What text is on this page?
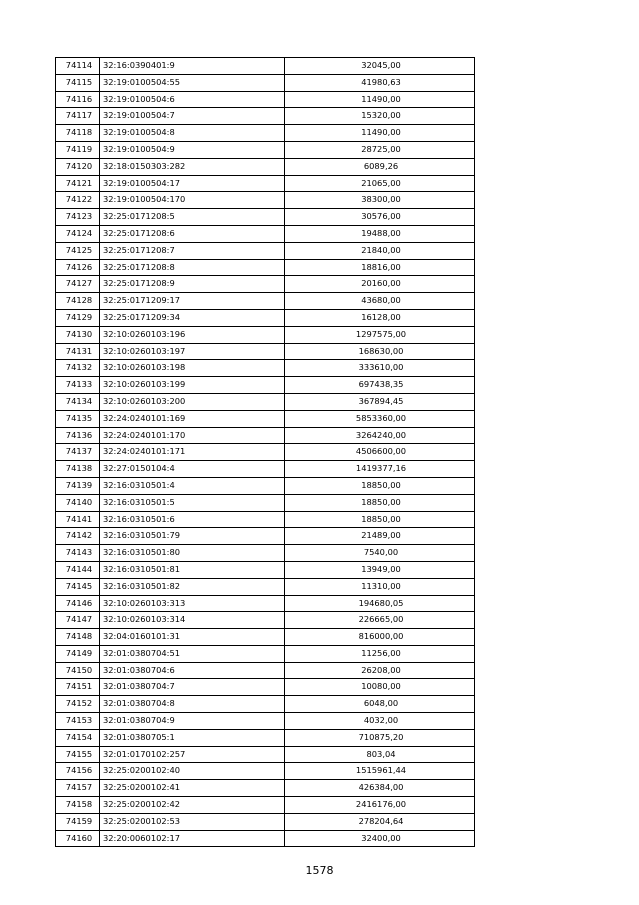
74114	32:16:0390401:9	32045,00
74115	32:19:0100504:55	41980,63
74116	32:19:0100504:6	11490,00
74117	32:19:0100504:7	15320,00
74118	32:19:0100504:8	11490,00
74119	32:19:0100504:9	28725,00
74120	32:18:0150303:282	6089,26
74121	32:19:0100504:17	21065,00
74122	32:19:0100504:170	38300,00
74123	32:25:0171208:5	30576,00
74124	32:25:0171208:6	19488,00
74125	32:25:0171208:7	21840,00
74126	32:25:0171208:8	18816,00
74127	32:25:0171208:9	20160,00
74128	32:25:0171209:17	43680,00
74129	32:25:0171209:34	16128,00
74130	32:10:0260103:196	1297575,00
74131	32:10:0260103:197	168630,00
74132	32:10:0260103:198	333610,00
74133	32:10:0260103:199	697438,35
74134	32:10:0260103:200	367894,45
74135	32:24:0240101:169	5853360,00
74136	32:24:0240101:170	3264240,00
74137	32:24:0240101:171	4506600,00
74138	32:27:0150104:4	1419377,16
74139	32:16:0310501:4	18850,00
74140	32:16:0310501:5	18850,00
74141	32:16:0310501:6	18850,00
74142	32:16:0310501:79	21489,00
74143	32:16:0310501:80	7540,00
74144	32:16:0310501:81	13949,00
74145	32:16:0310501:82	11310,00
74146	32:10:0260103:313	194680,05
74147	32:10:0260103:314	226665,00
74148	32:04:0160101:31	816000,00
74149	32:01:0380704:51	11256,00
74150	32:01:0380704:6	26208,00
74151	32:01:0380704:7	10080,00
74152	32:01:0380704:8	6048,00
74153	32:01:0380704:9	4032,00
74154	32:01:0380705:1	710875,20
74155	32:01:0170102:257	803,04
74156	32:25:0200102:40	1515961,44
74157	32:25:0200102:41	426384,00
74158	32:25:0200102:42	2416176,00
74159	32:25:0200102:53	278204,64
74160	32:20:0060102:17	32400,00
1578
